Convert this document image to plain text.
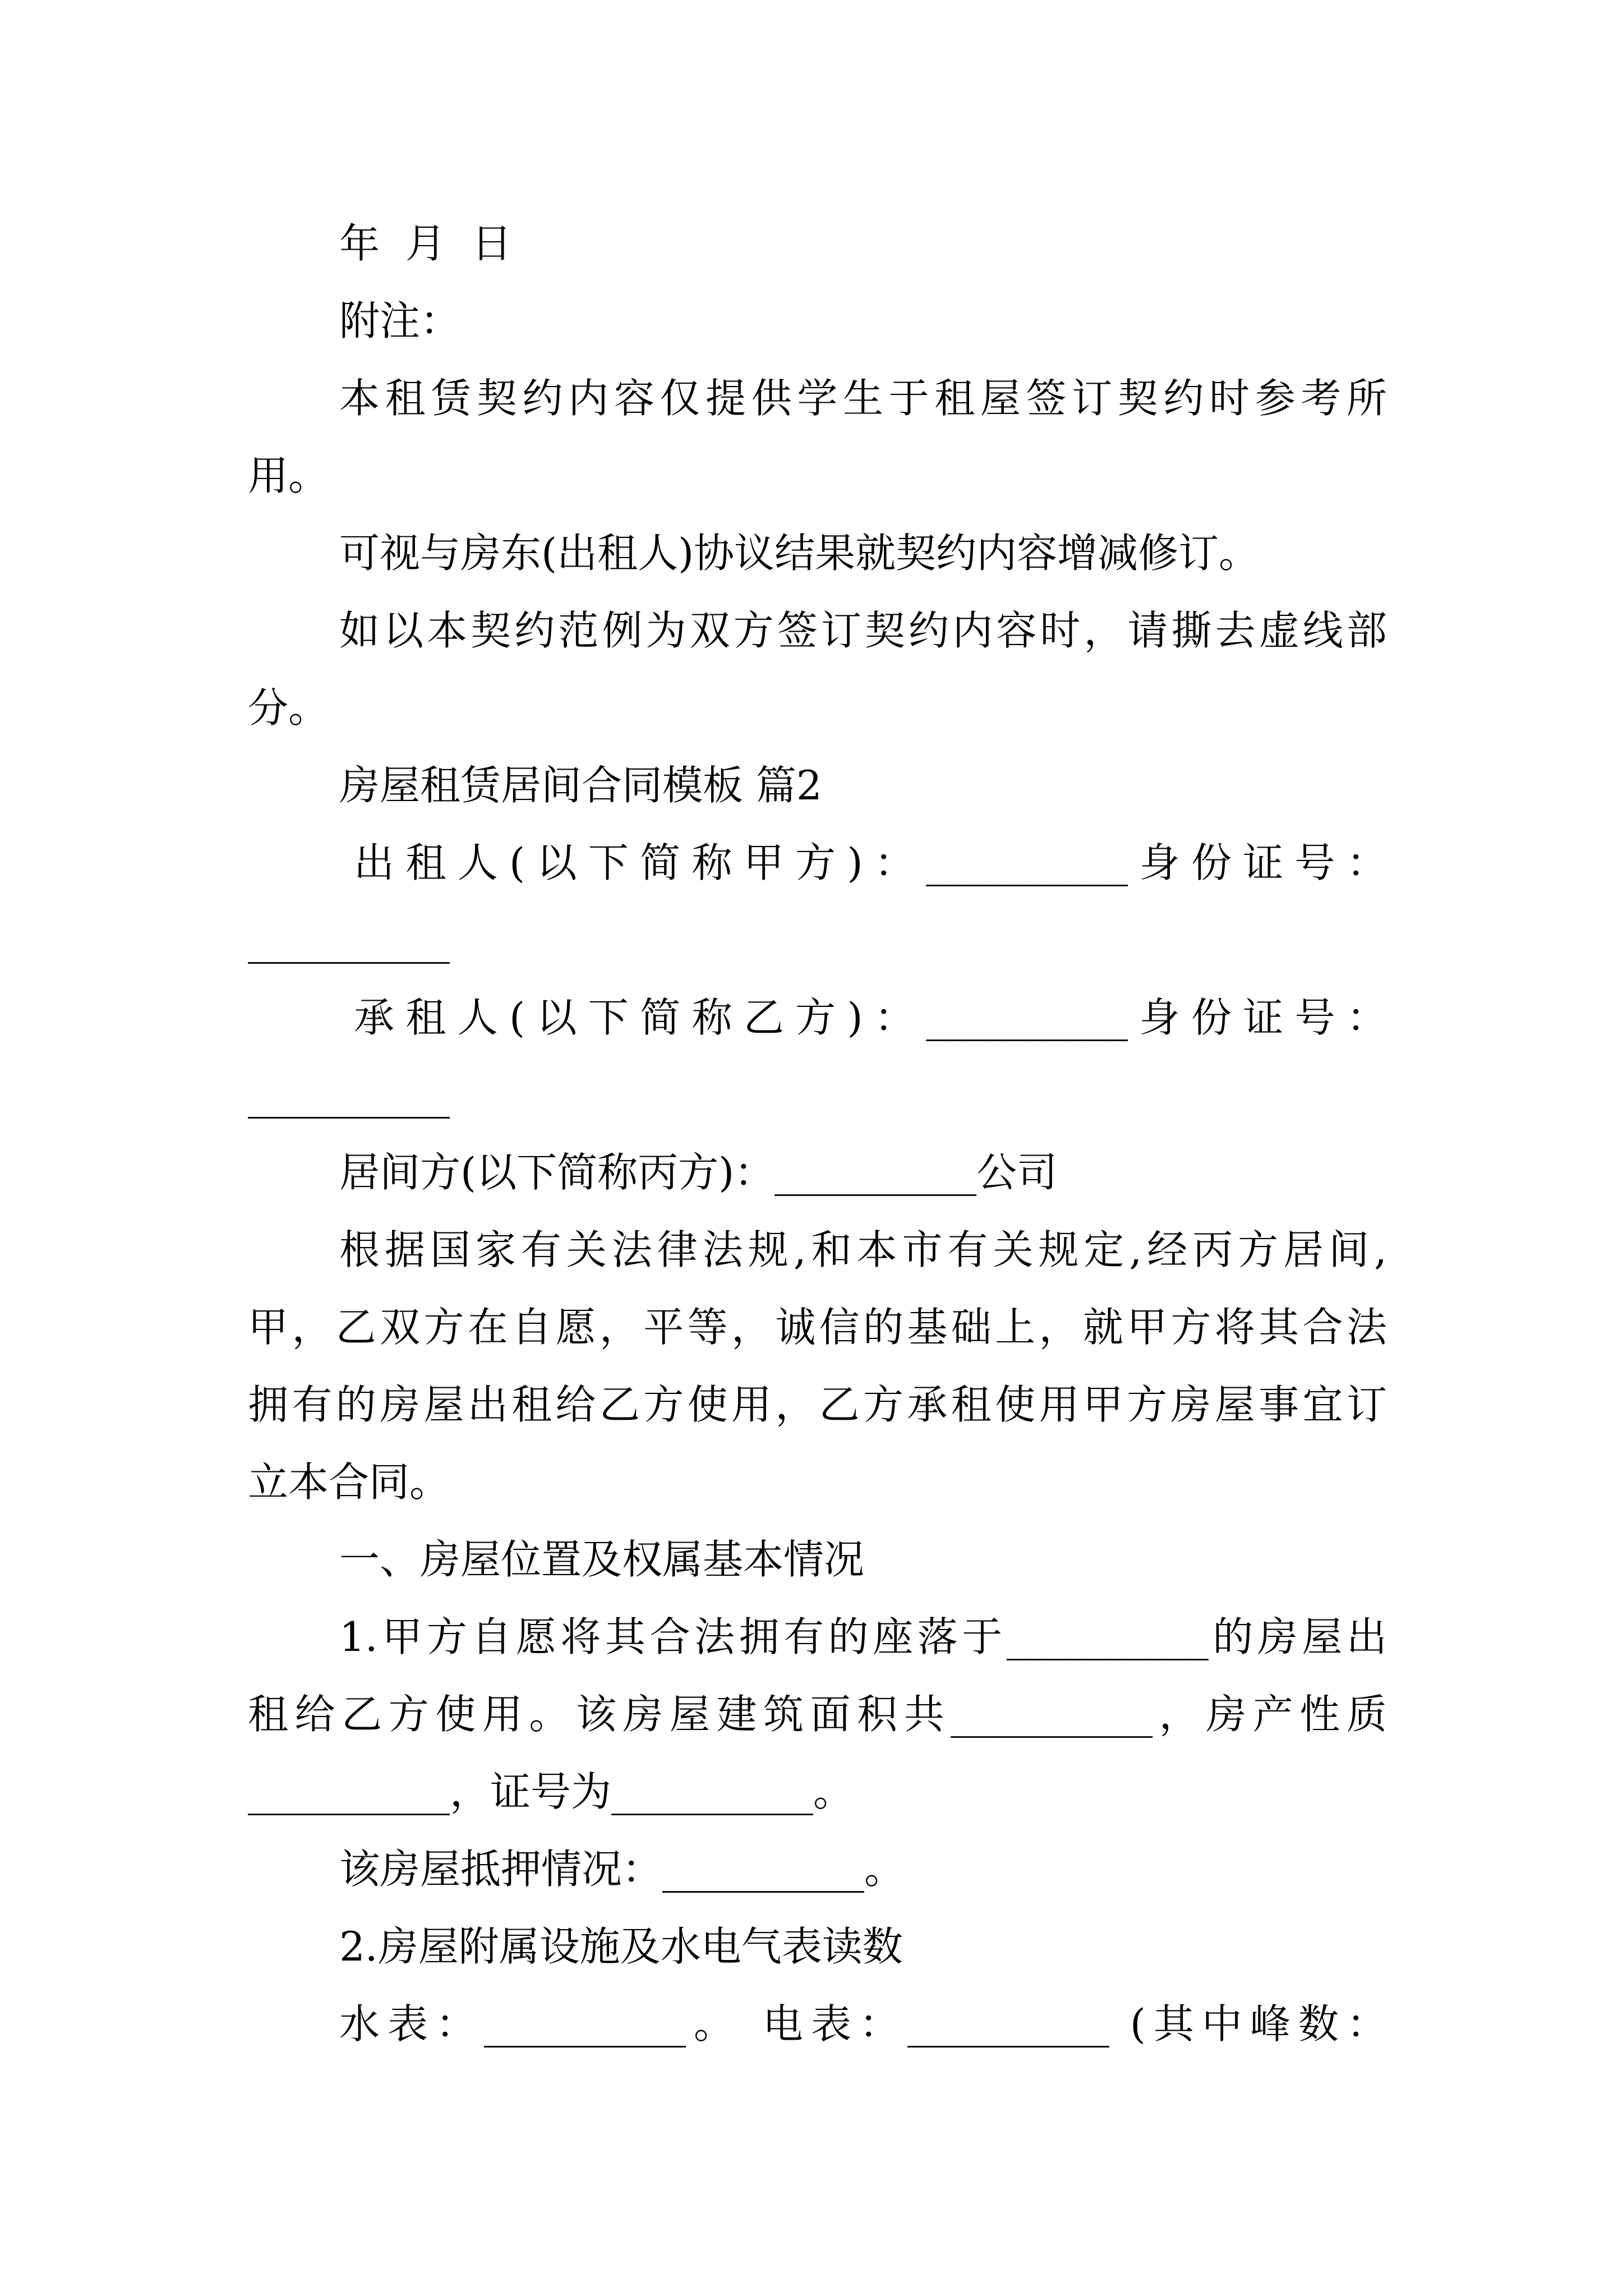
年 月 日
附注：
本租赁契约内容仅提供学生于租屋签订契约时参考所
用。
可视与房东(出租人)协议结果就契约内容增减修订。
如以本契约范例为双方签订契约内容时，请撕去虚线部
分。
房屋租赁居间合同模板 篇2
出租人(以下简称甲方)：__________身份证号：
__________
承租人(以下简称乙方)：__________身份证号：
__________
居间方(以下简称丙方)：__________公司
根据国家有关法律法规,和本市有关规定,经丙方居间,
甲，乙双方在自愿，平等，诚信的基础上，就甲方将其合法
拥有的房屋出租给乙方使用，乙方承租使用甲方房屋事宜订
立本合同。
一、房屋位置及权属基本情况
1.甲方自愿将其合法拥有的座落于__________的房屋出
租给乙方使用。该房屋建筑面积共__________，房产性质
__________，证号为__________。
该房屋抵押情况：__________。
2.房屋附属设施及水电气表读数
水表：__________。 电表：__________ (其中峰数：
